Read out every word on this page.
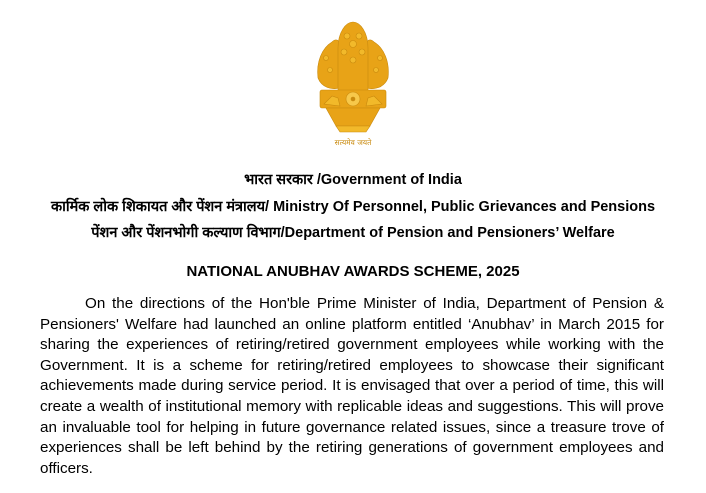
सत्यमेव जयते
भारत सरकार /Government of India
कार्मिक लोक शिकायत और पेंशन मंत्रालय/ Ministry Of Personnel, Public Grievances and Pensions
पेंशन और पेंशनभोगी कल्याण विभाग/Department of Pension and Pensioners’ Welfare
NATIONAL ANUBHAV AWARDS SCHEME, 2025

On the directions of the Hon'ble Prime Minister of India, Department of Pension & Pensioners' Welfare had launched an online platform entitled ‘Anubhav’ in March 2015 for sharing the experiences of retiring/retired government employees while working with the Government. It is a scheme for retiring/retired employees to showcase their significant achievements made during service period. It is envisaged that over a period of time, this will create a wealth of institutional memory with replicable ideas and suggestions. This will prove an invaluable tool for helping in future governance related issues, since a treasure trove of experiences shall be left behind by the retiring generations of government employees and officers.
